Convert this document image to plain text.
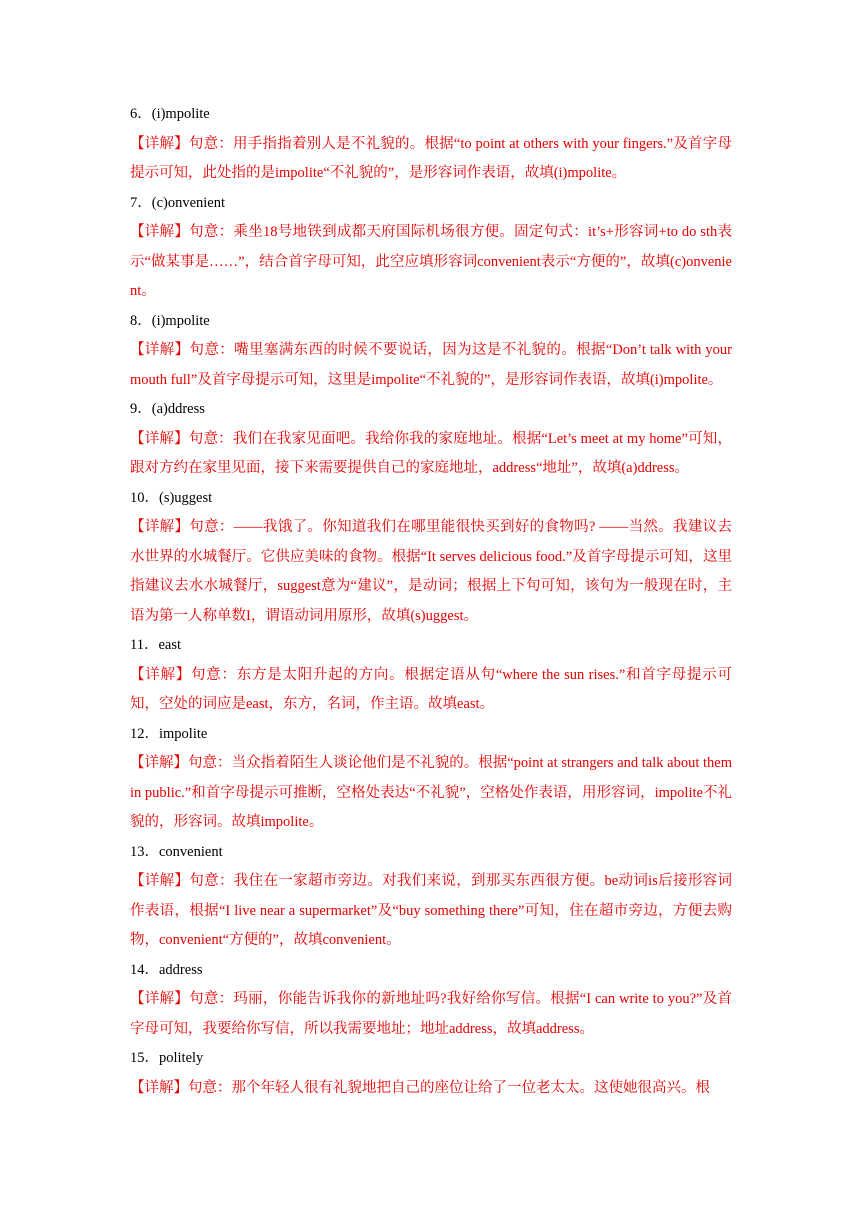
6．(i)mpolite

【详解】句意：用手指指着别人是不礼貌的。根据“to point at others with your fingers.”及首字母提示可知，此处指的是impolite“不礼貌的”，是形容词作表语，故填(i)mpolite。

7．(c)onvenient

【详解】句意：乘坐18号地铁到成都天府国际机场很方便。固定句式：it’s+形容词+to do sth表示“做某事是……”，结合首字母可知，此空应填形容词convenient表示“方便的”，故填(c)onvenient。

8．(i)mpolite

【详解】句意：嘴里塞满东西的时候不要说话，因为这是不礼貌的。根据“Don’t talk with your mouth full”及首字母提示可知，这里是impolite“不礼貌的”，是形容词作表语，故填(i)mpolite。

9．(a)ddress

【详解】句意：我们在我家见面吧。我给你我的家庭地址。根据“Let’s meet at my home”可知，跟对方约在家里见面，接下来需要提供自己的家庭地址，address“地址”，故填(a)ddress。

10．(s)uggest

【详解】句意：——我饿了。你知道我们在哪里能很快买到好的食物吗? ——当然。我建议去水世界的水城餐厅。它供应美味的食物。根据“It serves delicious food.”及首字母提示可知，这里指建议去水水城餐厅，suggest意为“建议”，是动词；根据上下句可知，该句为一般现在时，主语为第一人称单数I，谓语动词用原形，故填(s)uggest。

11．east

【详解】句意：东方是太阳升起的方向。根据定语从句“where the sun rises.”和首字母提示可知，空处的词应是east，东方，名词，作主语。故填east。

12．impolite

【详解】句意：当众指着陌生人谈论他们是不礼貌的。根据“point at strangers and talk about them in public.”和首字母提示可推断，空格处表达“不礼貌”，空格处作表语，用形容词，impolite不礼貌的，形容词。故填impolite。

13．convenient

【详解】句意：我住在一家超市旁边。对我们来说，到那买东西很方便。be动词is后接形容词作表语，根据“I live near a supermarket”及“buy something there”可知，住在超市旁边，方便去购物，convenient“方便的”，故填convenient。

14．address

【详解】句意：玛丽，你能告诉我你的新地址吗?我好给你写信。根据“I can write to you?”及首字母可知，我要给你写信，所以我需要地址；地址address，故填address。

15．politely

【详解】句意：那个年轻人很有礼貌地把自己的座位让给了一位老太太。这使她很高兴。根
